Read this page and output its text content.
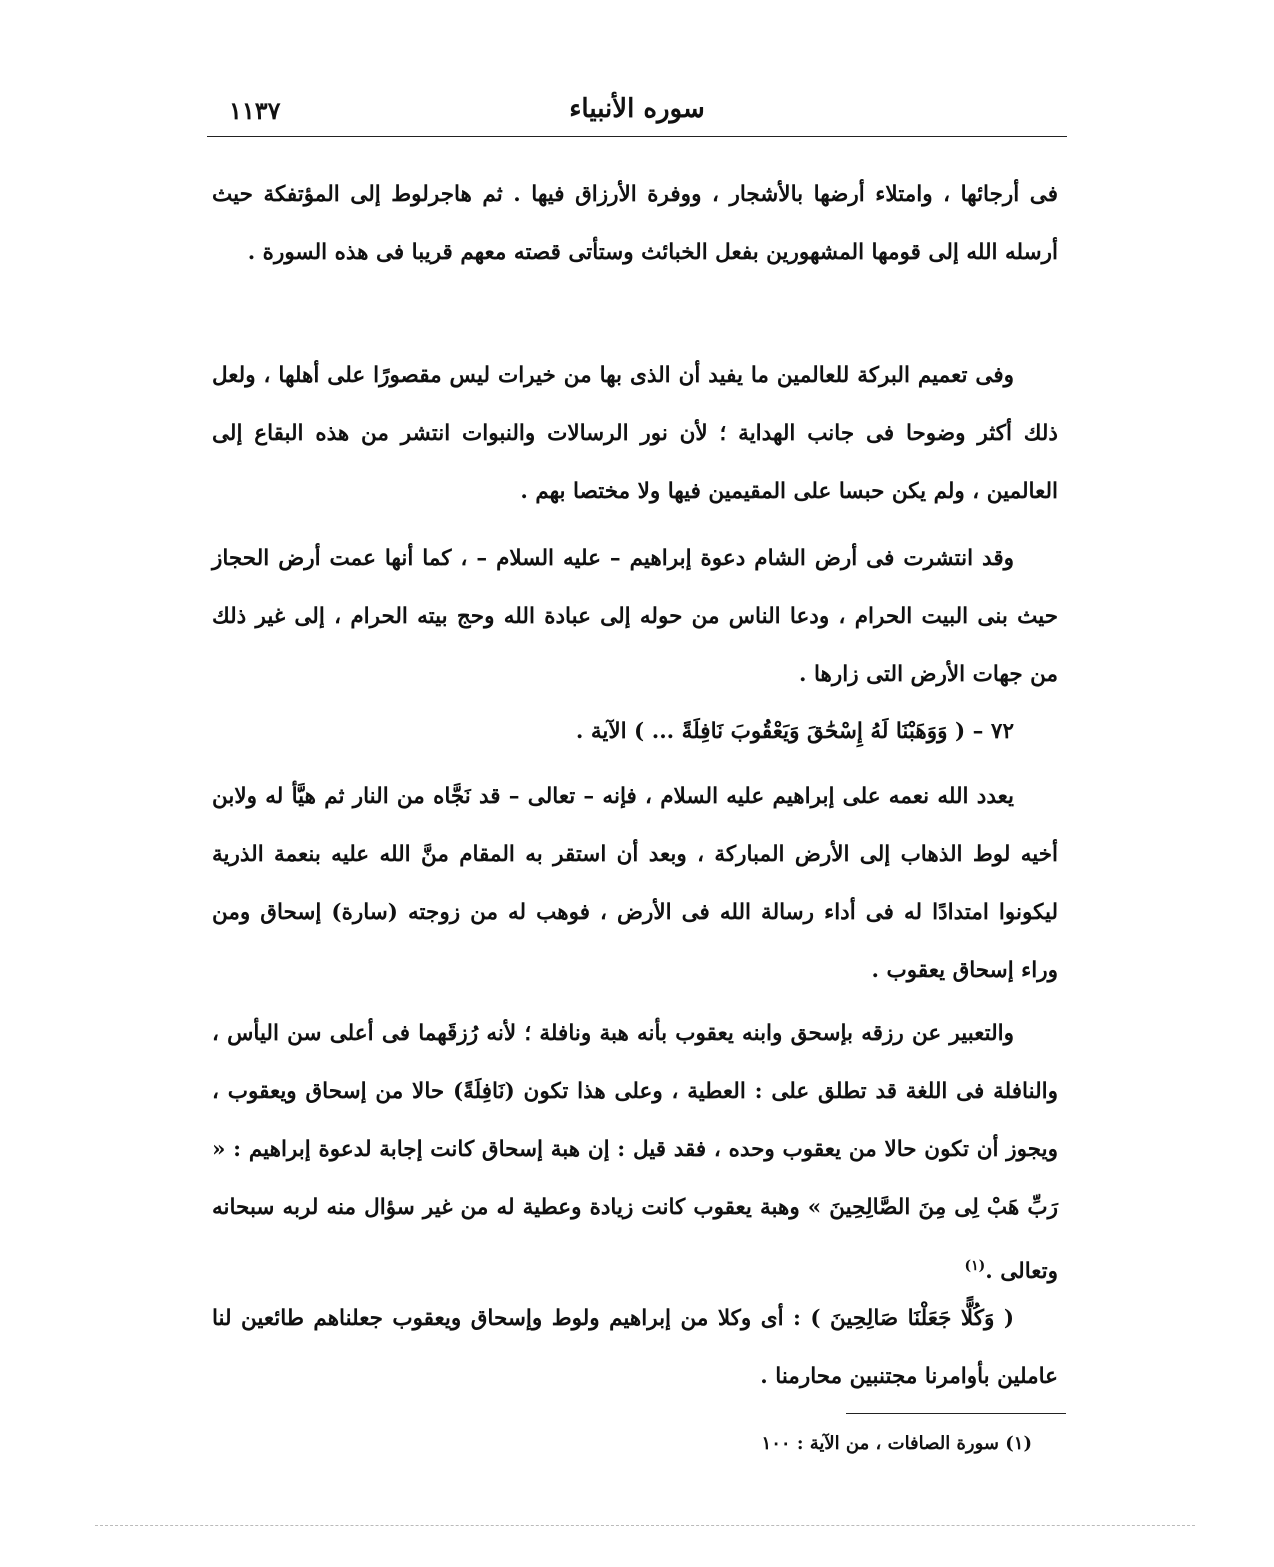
سوره الأنبياء
١١٣٧
فى أرجائها ، وامتلاء أرضها بالأشجار ، ووفرة الأرزاق فيها . ثم هاجرلوط إلى المؤتفكة حيث أرسله الله إلى قومها المشهورين بفعل الخبائث وستأتى قصته معهم قريبا فى هذه السورة .
وفى تعميم البركة للعالمين ما يفيد أن الذى بها من خيرات ليس مقصورًا على أهلها ، ولعل ذلك أكثر وضوحا فى جانب الهداية ؛ لأن نور الرسالات والنبوات انتشر من هذه البقاع إلى العالمين ، ولم يكن حبسا على المقيمين فيها ولا مختصا بهم .
وقد انتشرت فى أرض الشام دعوة إبراهيم – عليه السلام – ، كما أنها عمت أرض الحجاز حيث بنى البيت الحرام ، ودعا الناس من حوله إلى عبادة الله وحج بيته الحرام ، إلى غير ذلك من جهات الأرض التى زارها .
٧٢ – ( وَوَهَبْنَا لَهُ إِسْحَٰقَ وَيَعْقُوبَ نَافِلَةً ... ) الآية .
يعدد الله نعمه على إبراهيم عليه السلام ، فإنه – تعالى – قد نَجَّاه من النار ثم هيَّأ له ولابن أخيه لوط الذهاب إلى الأرض المباركة ، وبعد أن استقر به المقام منَّ الله عليه بنعمة الذرية ليكونوا امتدادًا له فى أداء رسالة الله فى الأرض ، فوهب له من زوجته (سارة) إسحاق ومن وراء إسحاق يعقوب .
والتعبير عن رزقه بإسحق وابنه يعقوب بأنه هبة ونافلة ؛ لأنه رُزقَهما فى أعلى سن اليأس ، والنافلة فى اللغة قد تطلق على : العطية ، وعلى هذا تكون (نَافِلَةً) حالا من إسحاق ويعقوب ، ويجوز أن تكون حالا من يعقوب وحده ، فقد قيل : إن هبة إسحاق كانت إجابة لدعوة إبراهيم : « رَبِّ هَبْ لِى مِنَ الصَّالِحِينَ » وهبة يعقوب كانت زيادة وعطية له من غير سؤال منه لربه سبحانه وتعالى .$^{(١)}$
( وَكُلًّا جَعَلْنَا صَالِحِينَ ) : أى وكلا من إبراهيم ولوط وإسحاق ويعقوب جعلناهم طائعين لنا عاملين بأوامرنا مجتنبين محارمنا .
(١) سورة الصافات ، من الآية : ١٠٠
